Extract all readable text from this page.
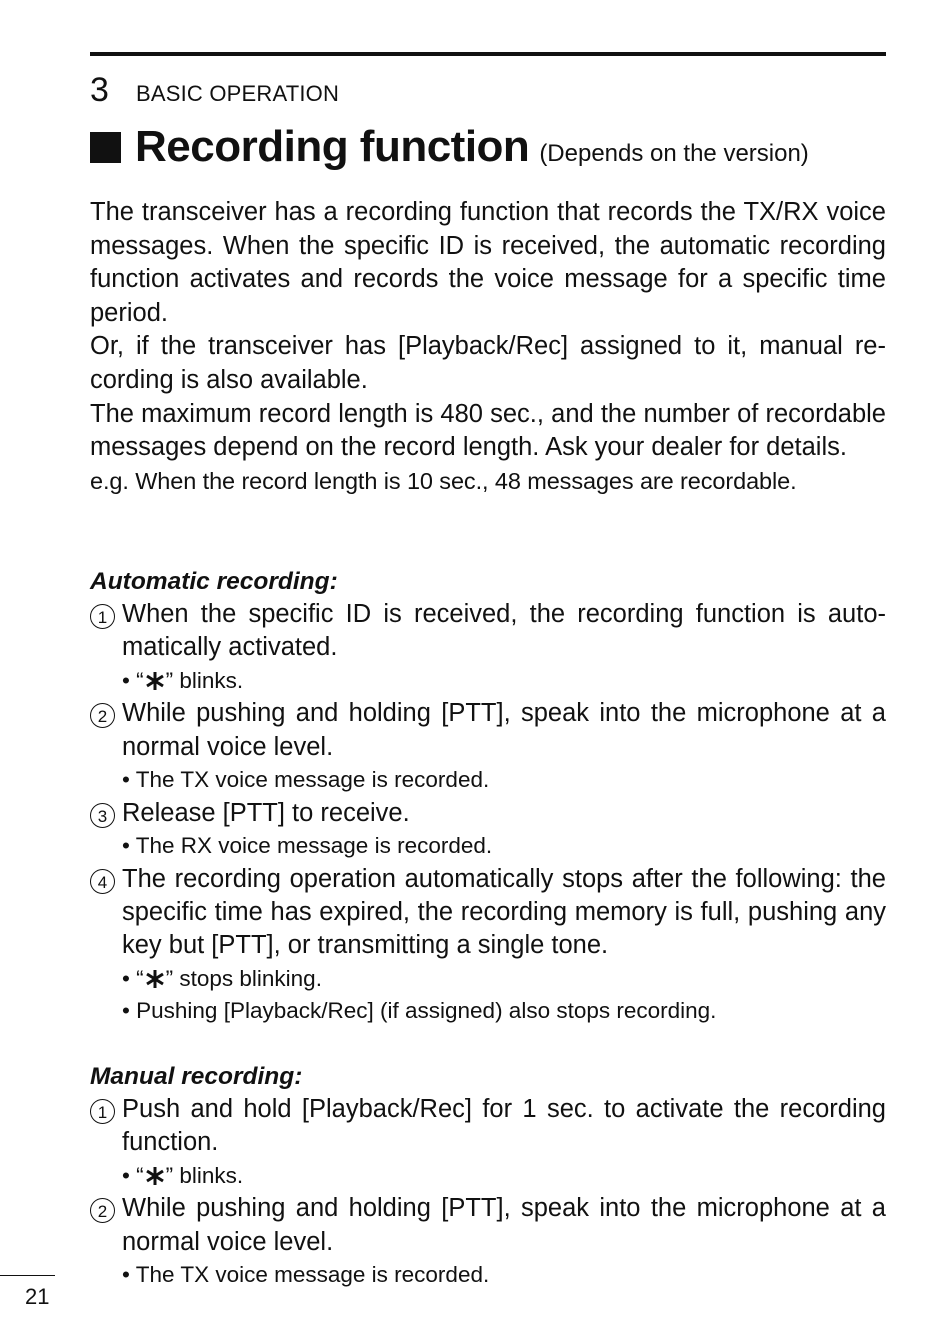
3	BASIC OPERATION
Recording function (Depends on the version)

The transceiver has a recording function that records the TX/RX voice messages. When the specific ID is received, the automatic recording function activates and records the voice message for a specific time period.

Or, if the transceiver has [Playback/Rec] assigned to it, manual recording is also available.

The maximum record length is 480 sec., and the number of recordable messages depend on the record length. Ask your dealer for details.

e.g. When the record length is 10 sec., 48 messages are recordable.

Automatic recording:

1 When the specific ID is received, the recording function is automatically activated.
• “ ” blinks.
2 While pushing and holding [PTT], speak into the microphone at a normal voice level.
• The TX voice message is recorded.
3 Release [PTT] to receive.
• The RX voice message is recorded.
4 The recording operation automatically stops after the following: the specific time has expired, the recording memory is full, pushing any key but [PTT], or transmitting a single tone.
• “ ” stops blinking.
• Pushing [Playback/Rec] (if assigned) also stops recording.

Manual recording:

1 Push and hold [Playback/Rec] for 1 sec. to activate the recording function.
• “ ” blinks.
2 While pushing and holding [PTT], speak into the microphone at a normal voice level.
• The TX voice message is recorded.
21
